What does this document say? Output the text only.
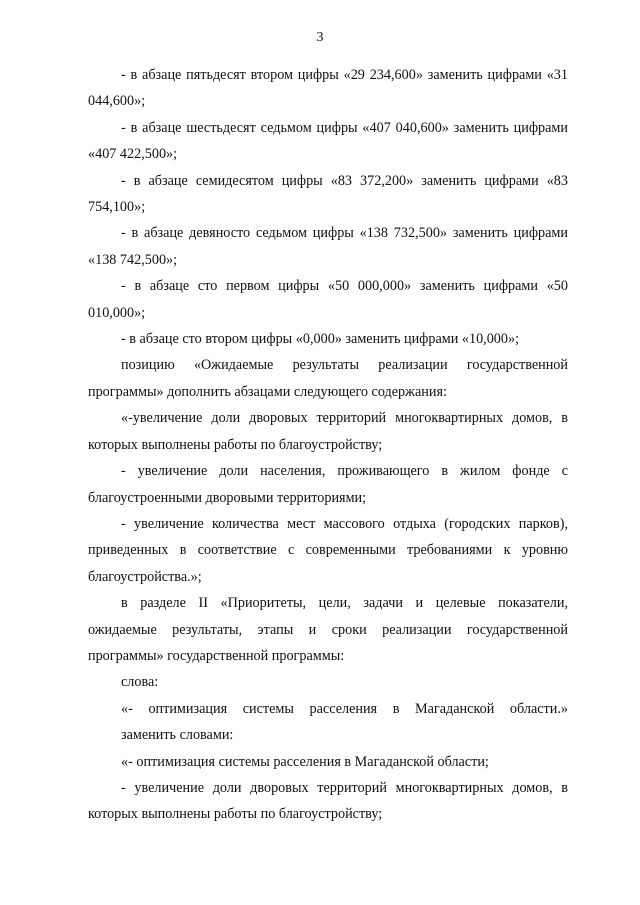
3

- в абзаце пятьдесят втором цифры «29 234,600» заменить цифрами «31 044,600»;

- в абзаце шестьдесят седьмом цифры «407 040,600» заменить цифрами «407 422,500»;

- в абзаце семидесятом цифры «83 372,200» заменить цифрами «83 754,100»;

- в абзаце девяносто седьмом цифры «138 732,500» заменить цифрами «138 742,500»;

- в абзаце сто первом цифры «50 000,000» заменить цифрами «50 010,000»;

- в абзаце сто втором цифры «0,000» заменить цифрами «10,000»;

позицию «Ожидаемые результаты реализации государственной программы» дополнить абзацами следующего содержания:

«-увеличение доли дворовых территорий многоквартирных домов, в которых выполнены работы по благоустройству;

- увеличение доли населения, проживающего в жилом фонде с благоустроенными дворовыми территориями;

- увеличение количества мест массового отдыха (городских парков), приведенных в соответствие с современными требованиями к уровню благоустройства.»;

в разделе II «Приоритеты, цели, задачи и целевые показатели, ожидаемые результаты, этапы и сроки реализации государственной программы» государственной программы:

слова:

«- оптимизация системы расселения в Магаданской области.»

заменить словами:

«- оптимизация системы расселения в Магаданской области;

- увеличение доли дворовых территорий многоквартирных домов, в которых выполнены работы по благоустройству;
